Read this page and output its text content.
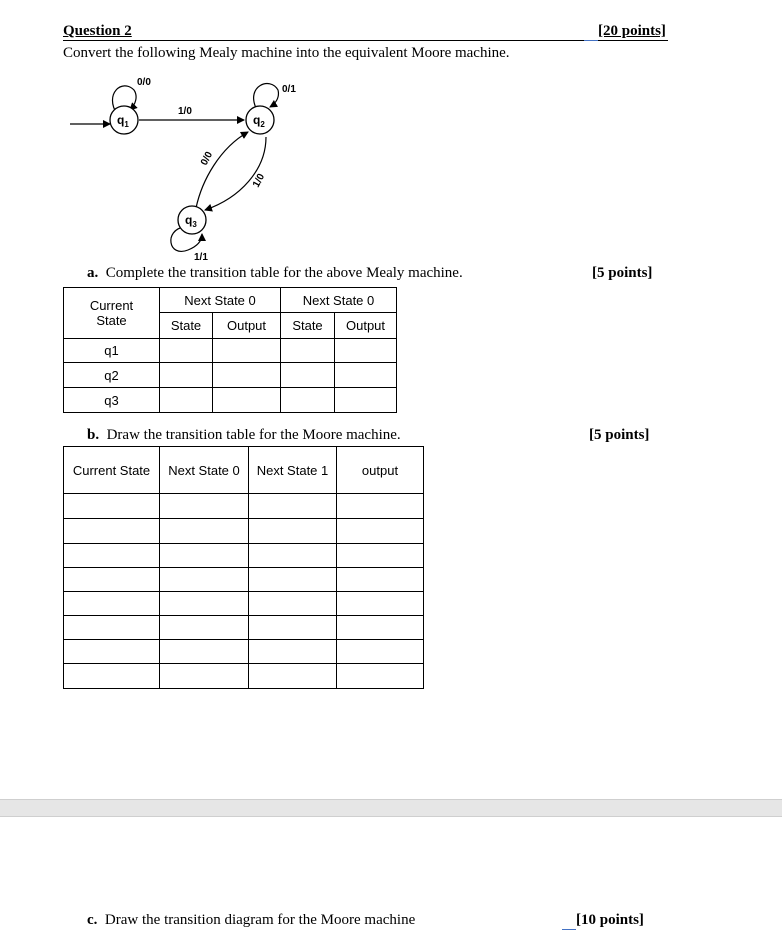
Question 2	[20 points]
Convert the following Mealy machine into the equivalent Moore machine.
$q_1$	$q_2$
$q_3$
0/0
1/0
0/1
1/0
0/0
1/1
a. Complete the transition table for the above Mealy machine.	[5 points]
Current
State	Next State 0		Next State 0	
	State	Output	State	Output
q1				
q2				
q3				
b. Draw the transition table for the Moore machine.	[5 points]
Current State	Next State 0	Next State 1	output

c. Draw the transition diagram for the Moore machine	[10 points]
